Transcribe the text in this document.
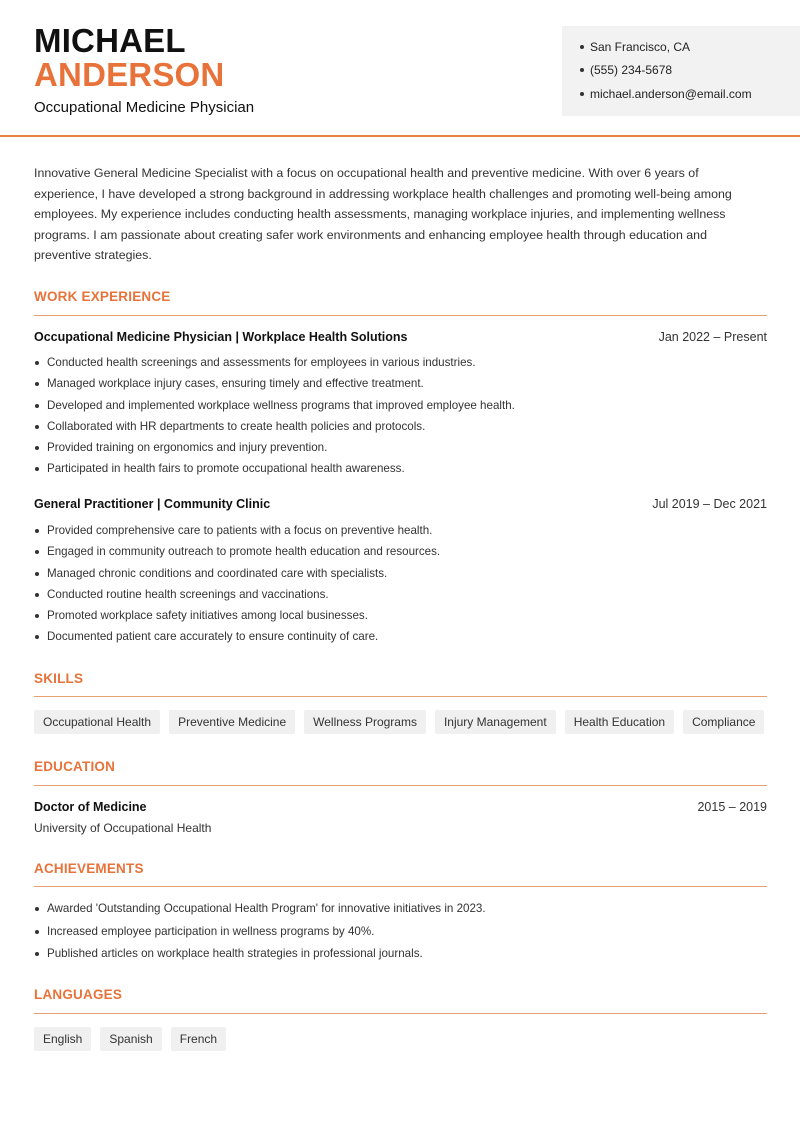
MICHAEL
ANDERSON
Occupational Medicine Physician
San Francisco, CA
(555) 234-5678
michael.anderson@email.com

Innovative General Medicine Specialist with a focus on occupational health and preventive medicine. With over 6 years of experience, I have developed a strong background in addressing workplace health challenges and promoting well-being among employees. My experience includes conducting health assessments, managing workplace injuries, and implementing wellness programs. I am passionate about creating safer work environments and enhancing employee health through education and preventive strategies.

WORK EXPERIENCE
Occupational Medicine Physician | Workplace Health Solutions	Jan 2022 – Present
Conducted health screenings and assessments for employees in various industries.
Managed workplace injury cases, ensuring timely and effective treatment.
Developed and implemented workplace wellness programs that improved employee health.
Collaborated with HR departments to create health policies and protocols.
Provided training on ergonomics and injury prevention.
Participated in health fairs to promote occupational health awareness.
General Practitioner | Community Clinic	Jul 2019 – Dec 2021
Provided comprehensive care to patients with a focus on preventive health.
Engaged in community outreach to promote health education and resources.
Managed chronic conditions and coordinated care with specialists.
Conducted routine health screenings and vaccinations.
Promoted workplace safety initiatives among local businesses.
Documented patient care accurately to ensure continuity of care.
SKILLS
Occupational Health	Preventive Medicine	Wellness Programs	Injury Management	Health Education	Compliance
EDUCATION
Doctor of Medicine	2015 – 2019
University of Occupational Health
ACHIEVEMENTS
Awarded 'Outstanding Occupational Health Program' for innovative initiatives in 2023.
Increased employee participation in wellness programs by 40%.
Published articles on workplace health strategies in professional journals.
LANGUAGES
English	Spanish	French
